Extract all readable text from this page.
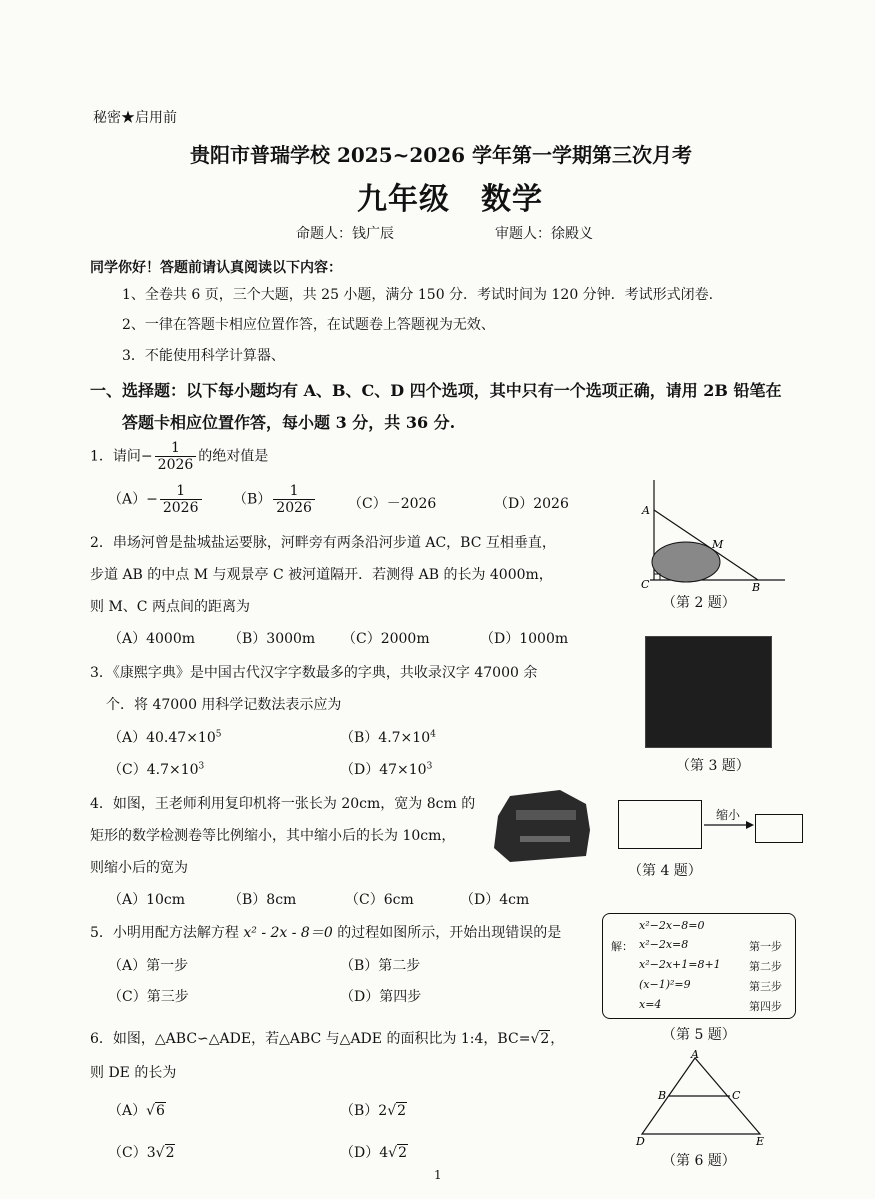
秘密★启用前
贵阳市普瑞学校 2025~2026 学年第一学期第三次月考
九年级　数学
命题人：钱广辰	审题人：徐殿义
同学你好！答题前请认真阅读以下内容：
1、全卷共 6 页，三个大题，共 25 小题，满分 150 分．考试时间为 120 分钟．考试形式闭卷.
2、一律在答题卡相应位置作答，在试题卷上答题视为无效、
3．不能使用科学计算器、
一、选择题：以下每小题均有 A、B、C、D 四个选项，其中只有一个选项正确，请用 2B 铅笔在
答题卡相应位置作答，每小题 3 分，共 36 分.
1．请问− $\frac{1}{2026}$ 的绝对值是
$(A)- \frac{1}{2026} (B) \frac{1}{2026} (C)-2026$	（D）2026
2．串场河曾是盐城盐运要脉，河畔旁有两条沿河步道 AC，BC 互相垂直，
步道 AB 的中点 M 与观景亭 C 被河道隔开．若测得 AB 的长为 4000m，
则 M、C 两点间的距离为
（A）4000m （B）3000m （C）2000m	（D）1000m
A
M
C	B
（第 2 题）
3．《康熙字典》是中国古代汉字字数最多的字典，共收录汉字 47000 余
个．将 47000 用科学记数法表示应为
$(A)40.47\times 10^5$	$(B)4.7\times 10^4$
$(C)4.7\times 10^3$	$(D)47\times 10^3$	（第 3 题）
4．如图，王老师利用复印机将一张长为 20cm，宽为 8cm 的
矩形的数学检测卷等比例缩小，其中缩小后的长为 10cm，
则缩小后的宽为
（A）10cm	（B）8cm	（C）6cm	（D）4cm
缩小
（第 4 题）
5．小明用配方法解方程 x² - 2x - 8＝0 的过程如图所示，开始出现错误的是
（A）第一步	（B）第二步
（C）第三步	（D）第四步
解：
x²−2x−8=0
x²−2x=8	第一步
x²−2x+1=8+1	第二步
(x−1)²=9	第三步
x=4	第四步
（第 5 题）
6．如图，△ABC∽△ADE，若△ABC 与△ADE 的面积比为 1:4，BC=√2，
则 DE 的长为
（A）√6	（B）2√2
（C）3√2	（D）4√2
A
B	C
D	E
（第 6 题）
1
